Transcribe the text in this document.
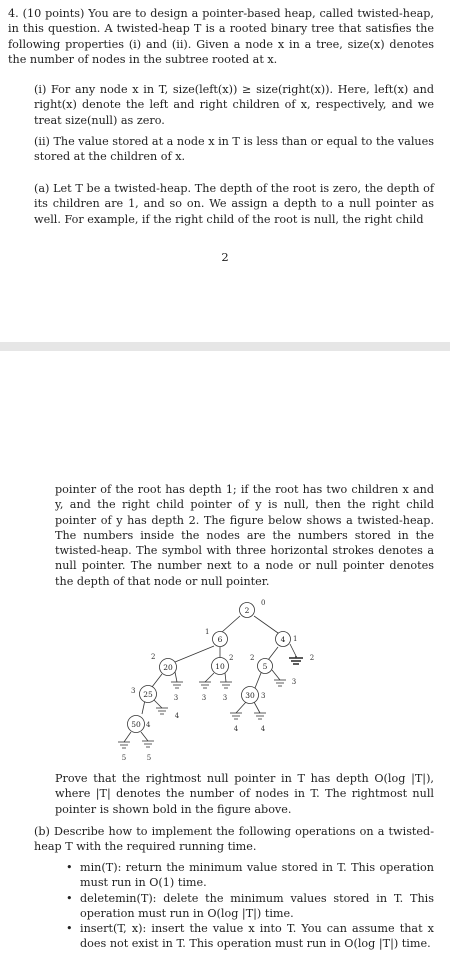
4. (10 points) You are to design a pointer-based heap, called twisted-heap, in this question. A twisted-heap T is a rooted binary tree that satisfies the following properties (i) and (ii). Given a node x in a tree, size(x) denotes the number of nodes in the subtree rooted at x.

(i) For any node x in T, size(left(x)) ≥ size(right(x)). Here, left(x) and right(x) denote the left and right children of x, respectively, and we treat size(null) as zero.

(ii) The value stored at a node x in T is less than or equal to the values stored at the children of x.

(a) Let T be a twisted-heap. The depth of the root is zero, the depth of its children are 1, and so on. We assign a depth to a null pointer as well. For example, if the right child of the root is null, the right child

2

pointer of the root has depth 1; if the root has two children x and y, and the right child pointer of y is null, then the right child pointer of y has depth 2. The figure below shows a twisted-heap. The numbers inside the nodes are the numbers stored in the twisted-heap. The symbol with three horizontal strokes denotes a null pointer. The number next to a node or null pointer denotes the depth of that node or null pointer.

2
6	4
20	10	5
25	30
50
0
1
1
2	2 2
3
3
4
2
3	3 3
3
4
4	4
5	5

Prove that the rightmost null pointer in T has depth O(log |T|), where |T| denotes the number of nodes in T. The rightmost null pointer is shown bold in the figure above.

(b) Describe how to implement the following operations on a twisted-heap T with the required running time.

• min(T): return the minimum value stored in T. This operation must run in O(1) time.
• deletemin(T): delete the minimum values stored in T. This operation must run in O(log |T|) time.
• insert(T, x): insert the value x into T. You can assume that x does not exist in T. This operation must run in O(log |T|) time.
